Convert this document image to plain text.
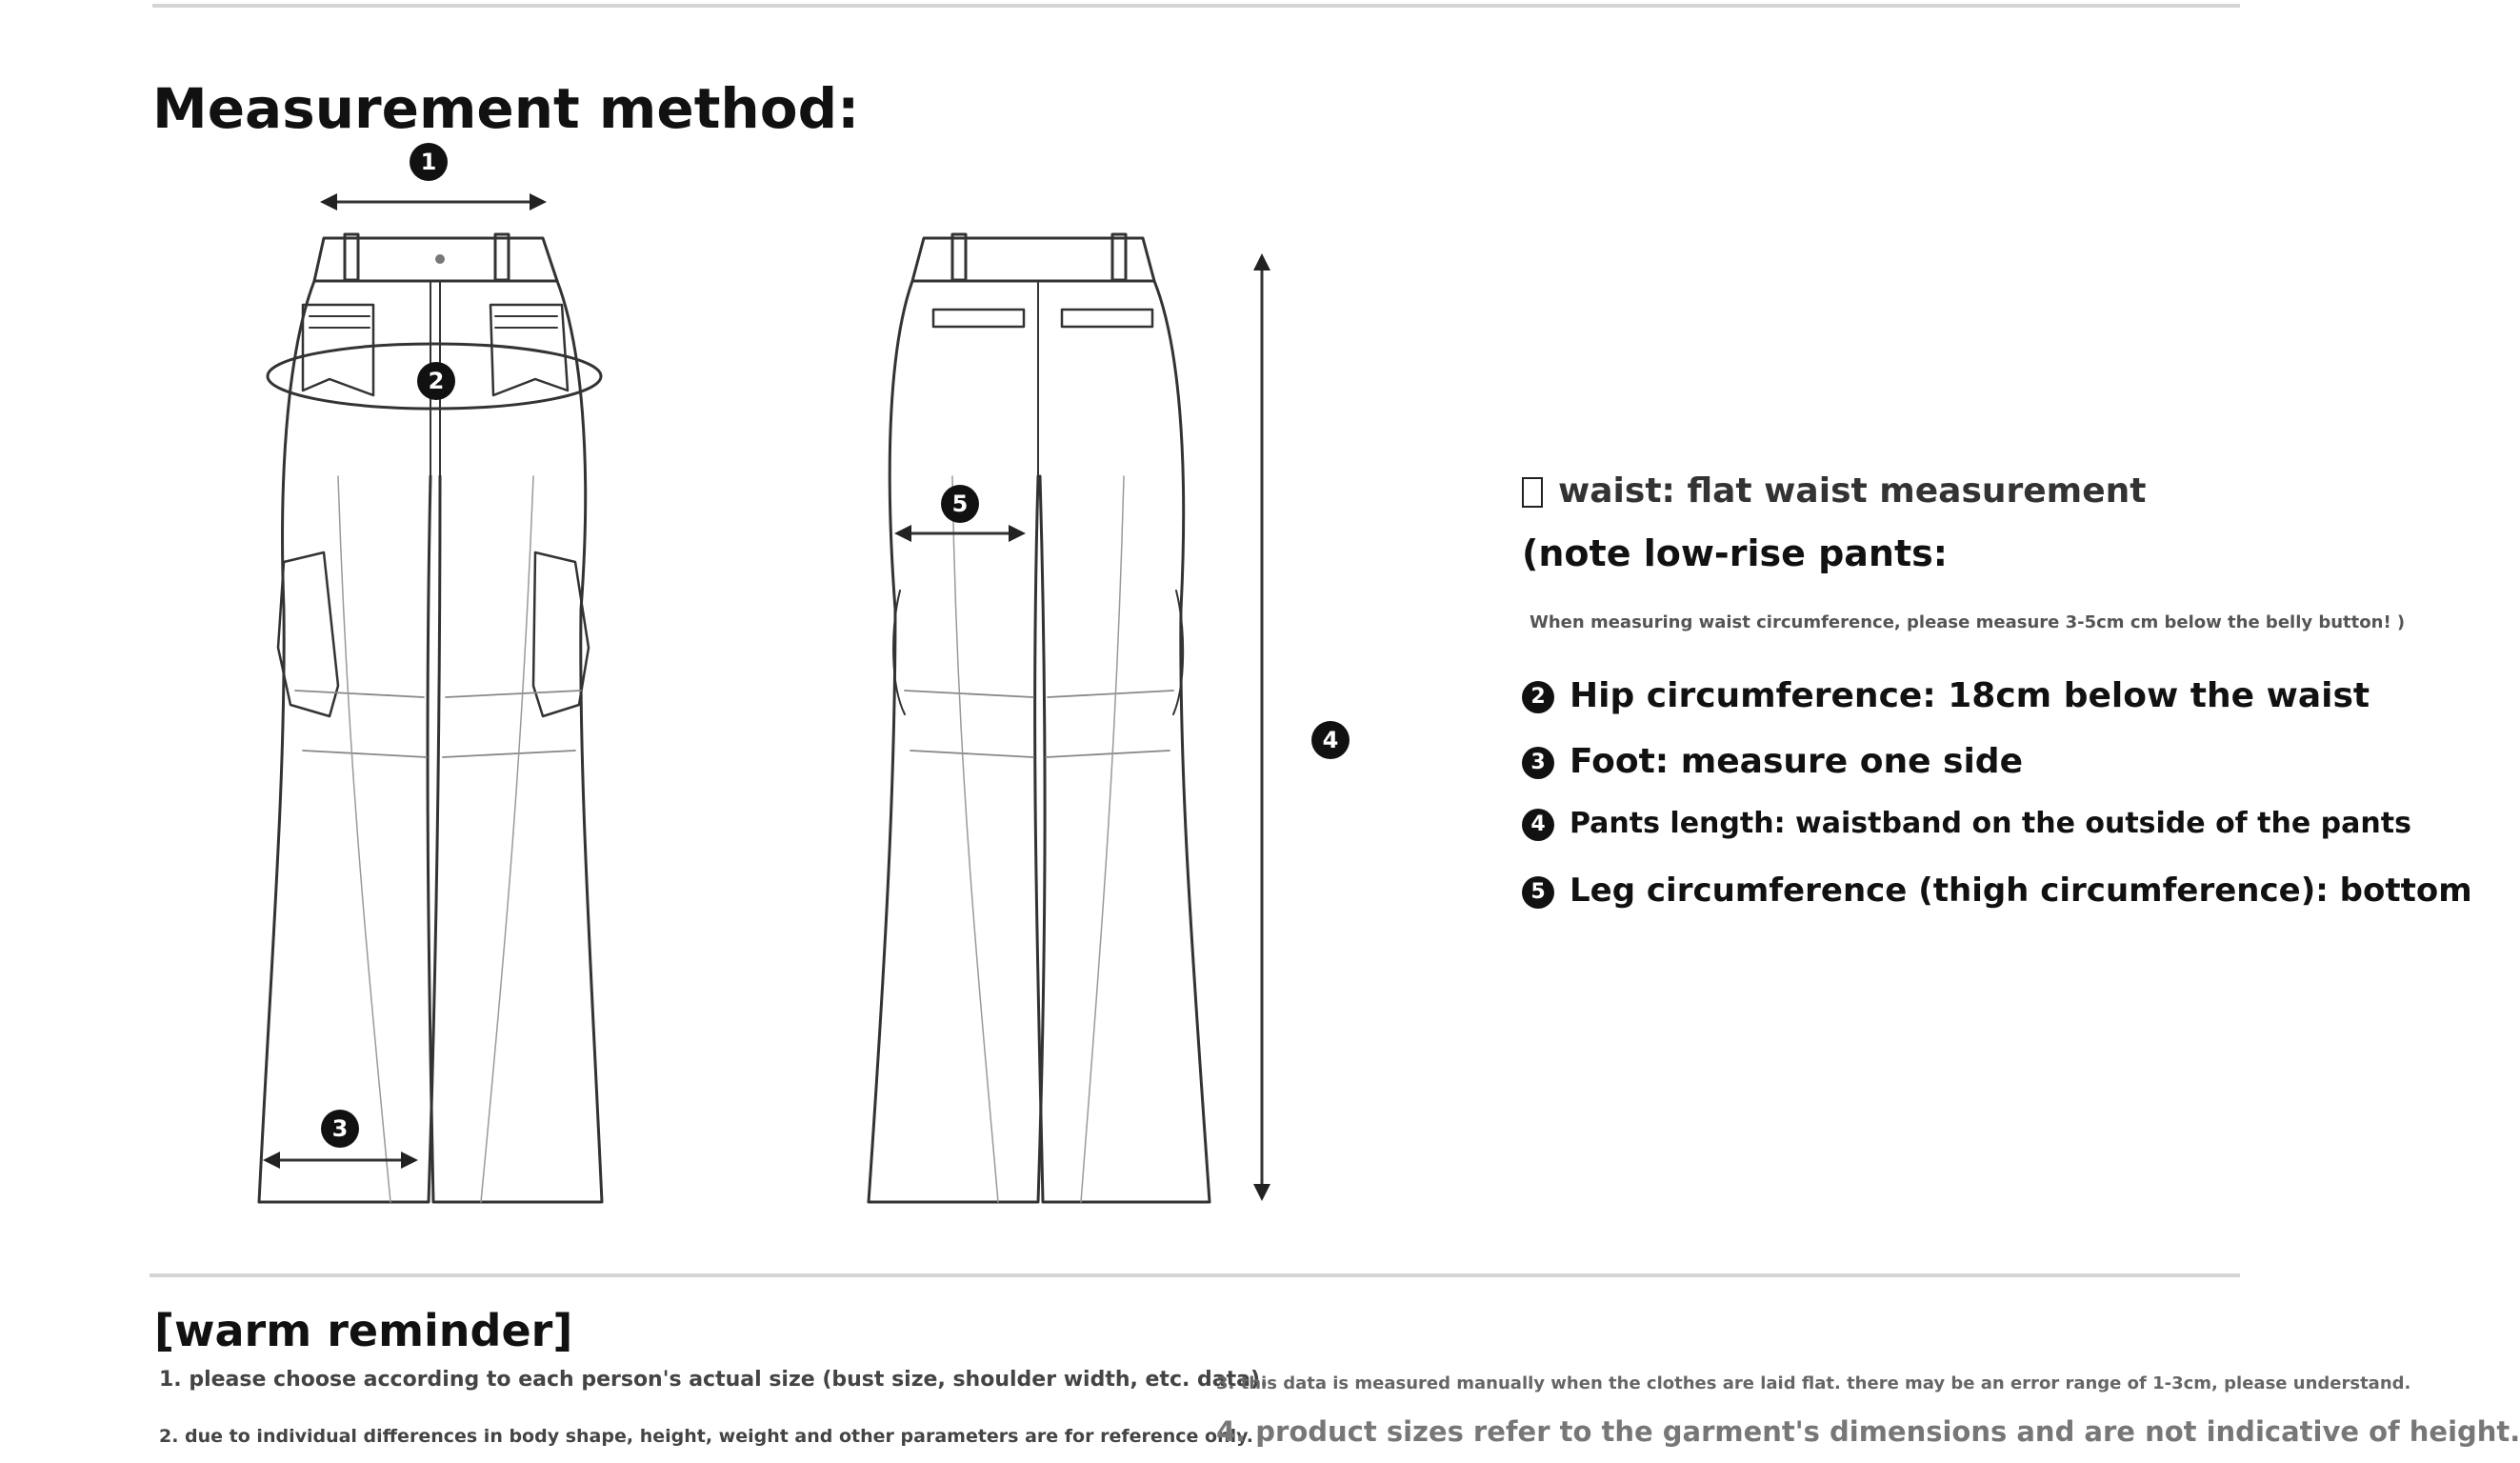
Measurement method:
1
2
3
4
5	waist: flat waist measurement
(note low-rise pants:
When measuring waist circumference, please measure 3-5cm cm below the belly button! )
2 Hip circumference: 18cm below the waist
3 Foot: measure one side
4 Pants length: waistband on the outside of the pants
5 Leg circumference (thigh circumference): bottom
[warm reminder]
1. please choose according to each person's actual size (bust size, shoulder width, etc. data).
2. due to individual differences in body shape, height, weight and other parameters are for reference only.
3. this data is measured manually when the clothes are laid flat. there may be an error range of 1-3cm, please understand.
4. product sizes refer to the garment's dimensions and are not indicative of height.
